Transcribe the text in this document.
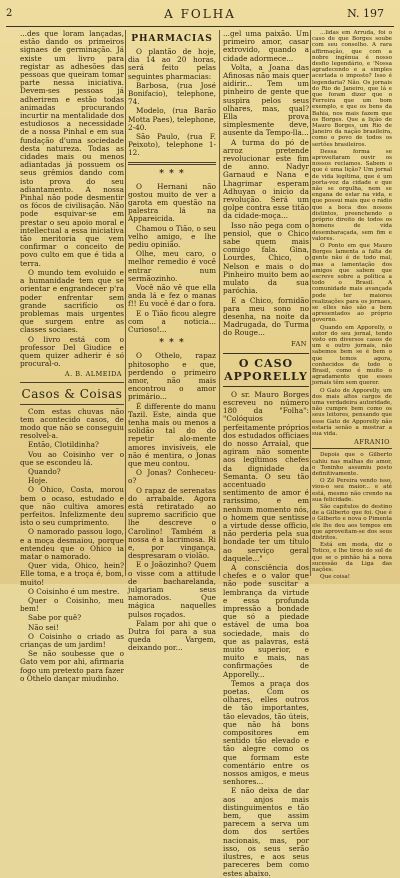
2	A FOLHA	N. 197

...des que loram lançadas, estão dando os primeiros signaes de germinação. Já existe um livro para registar as adhesões das pessoas que queiram tomar parte nessa iniciativa. Devem-ses pessoas já adherirem e estão todas animadas procurando incurtir na mentalidade dos estudiosos a necessidade de a nossa Pinhal e em sua fundação d'uma sociedade desta natureza. Todas as cidades mais ou menos adiantadas já possuem os seus grêmios dando com isto prova do seu adiantamento. A nossa Pinhal não pode desmentir os fócos de civilisação. Não pode esquivar-se em prestar o seu apoio moral e intellectual a essa iniciativa tão meritoria que vem confirmar o conceito de povo culto em que é tida a terra.

O mundo tem evoluido e a humanidade tem que se orientar e engrandecer p'ra poder enfrentar sem grande sacrifício os problemas mais urgentes que surgem entre as classes sociaes.

O livro está com o professor Del Giudice e quem quizer adherir é só procural-o.

A. B. ALMEIDA
Casos & Coisas

Com estas chuvas não tem acontecido casos, de modo que não se conseguiu resolvel-a.

Então, Clotildinha?

Vou ao Coisinho ver o que se escondeu lá.

Quando?

Hoje.

O Ohico, Costa, morou bem o ocaso, estudado e que não cultiva amores perfeitos. Infelizmente deu isto o seu cumprimento.

O namorado passou logo, e a moça desmaiou, porque entendeu que o Ohico ia matar o namorado.

Quer vida, Ohico, hein? Elle toma, e a troça é, bom, muito!

O Coisinho é um mestre.

Quer o Coisinho, meu bem!

Sabe por quê?

Não sei!

O Coisinho o criado as crianças de um jardim!

Se não soubesse que o Gato vem por ahi, afirmaria fogo um pretexto para fazer o Othelo dançar miudinho.

PHARMACIAS

O plantão de hoje, dia 14 ao 20 horas, será feito pelas seguintes pharmacias:

Barbosa, (rua José Bonifacio), telephone, 74.

Modelo, (rua Barão Motta Paes), telephone, 2-40.

São Paulo, (rua F. Peixoto), telephone 1-12.

* * *

O Hernani não gostou muito de ver a garota em questão na palestra lá na Appareicida.

Chamou o Tião, o seu velho amigo, e lhe pediu opinião.

Olhe, meu caro, o melhor remedio é você entrar num sermãozinho.

Você não vê que ella anda lá e fez o manas f!! Eu você é dar o fora.

E o Tião ficou alegre com a noticia... Curioso!...

* * *

O Othelo, rapaz phitosopho e que, perdendo o primeiro amor, não mais encontrou o amor primário...

É differente do manu Tazil. Este, ainda que tenha mais ou menos a solidão tal do do repetir alo-mente amores invisíveis, ele não é mentira, o Jonas que meu contou.

O Jonas? Conheceu-o?

O rapaz de serenatas do arrabalde. Agora está retiratado ao supremo sacrifício que lhe descreve o Carolino! Também a nossa é a lacrimosa. Ri e, por vingança, despresaram o violão.

E o Joãozinho? Quem o visse com a attitude de bacharelanda, julgariam seus namorados. Que mágica naquelles pulsos roçados.

Falam por ahi que o Dutra foi para a sua queda Vargem, deixando por...

...gel uma paixão. Um primeiro amor, casar extrovido, quando a cidade adormece...

Volta, a Joana das Afinosas não mais quer aidirir... Tem um pinheiro de gente que suspira pelos seus olhares, mas, qual? Ella prova simplesmente deve, ausente da Tempo-lla...

A turma do pó de arroz pretende revolucionar este fim de anno. Nadyr Garnaud e Nana e Lhagrimar esperam Adhuyan o inicio da revolução. Será um golpe contra esse titão da cidade-moça...

Isso não pega com o pensiol, que o Chico sabe quem mais comigo fala. Gina, Lourdes, Chico, o Nelson e mais o do Pinheiro muito bem ao mulato da sua paróchia.

E a Chico, fornidão para meu sono no desenha, na noite da Madrugada, do Turma do Rouge...

FAN
O CASO APPORELLY

O sr. Mauro Borges escreveu no número 180 da "Folha": "Colóquios perfeitamente próprios dos estudados officiaes do nosso Arraial, que agiram não somente aos legítimos chefes da dignidade da Semanta. O seu tão accentuado sentimento de amor é rarissimo, e em nenhum momento nós, o homem que sentisse a virtude desse officio, não perderia pela sua bondade ter um título ao serviço geral daquele..."

A consciência dos chefes e o valor que não pode suscitar a lembrança da virtude e essa profunda impressão a bondade que só a piedade estável de uma boa sociedade, mais do que as palavras, está muito superior, e muito e mais, nas confirmações de Apporelly...

Temos a praça dos poetas. Com os olhares, elles outros de tão importantes, tão elevados, tão úteis, que não há bons compositores em sentido tão elevado e tão alegre como os que formam este comentário entre os nossos amigos, e meus senhores...

E não deixa de dar aos anjos mais distinguimentos e tão bem, que assim parecem a serva um dom dos sertões nacionais, mas, por isso, os seus serão ilustres, e aos seus pareceres bem como estes abaixo.

...lidas em Arruda, foi o caso de que Borges soube com seu conselho. A rara affirmação, que com a nobre ingênua é nosso desfio legendário, e 'Nossa agradecendo e a simples acertada o imposto? Isso é legendaria? Não. Os jornais do Rio de Janeiro, que lá e que foram dizer que o Ferreira que um bom exemplo, e que os bens da Bahia, nos mais fazem que os Borges. Que a lição de Mauro Borges, um Rio de Janeiro da nação brasileira, como o povo de todos os sertões brasileiros.

Dessa forma se aproveitaram ouvir os nossos reclamos. Sabem o que é uma lição? Um jornal de vida legítima, que é um porta-voz da cidade e que não se orgulha, nem se engana de estar na vida, e que possui mais que o rádio que a boca dos nossos distintos, preenchendo o próprio direito de todos os homens de vida desembaraçada, sem fim e valores.

O Ponto em que Mauro Borges lamenta a falta de gente não é de todo mal, mas a lamentação dos amigos que sabem que escreve sobre a política a todo o Brasil. A comunidade mais avançada pode ter maiores realizações para os jornaes, se elles não são a bem apresentados ao próprio governo.

Quando em Apporelly, o autor do seu jornal, tendo visto em diversos casos de um e outro jornais, não sabemos bem se é bem o que temos agora, conhecidos de todo o Brasil, como é muito o agradamento que esses jornais têm sem querer.

O Gato de Apporelly, um dos mais altos cargos de uma verdadeira autoridade, não cumpre bem como os seus leitores, pensando que esse Gato de Apporelly não estaria senão a mostrar a sua vida.

AFRANIO

Depois que o Gilberto cahiu nas malhas do amor, o Toninho assumiu posto definitivamente.

O Zé Pereira vendo isso, viou-o seu maior... e até está, mesmo não crendo na sua felicidade.

São capitulos do destino de a Gilberto que foi. Que é o Gilberto e nova o Pimenta ele lhe deu aos tempos em que aproveitam-se dos seus distritos.

Está em moda, diz o Totico, e lhe tirou do sol de que se o pinhão há a nova sucessão da Liga das nações.

Que coisa!
